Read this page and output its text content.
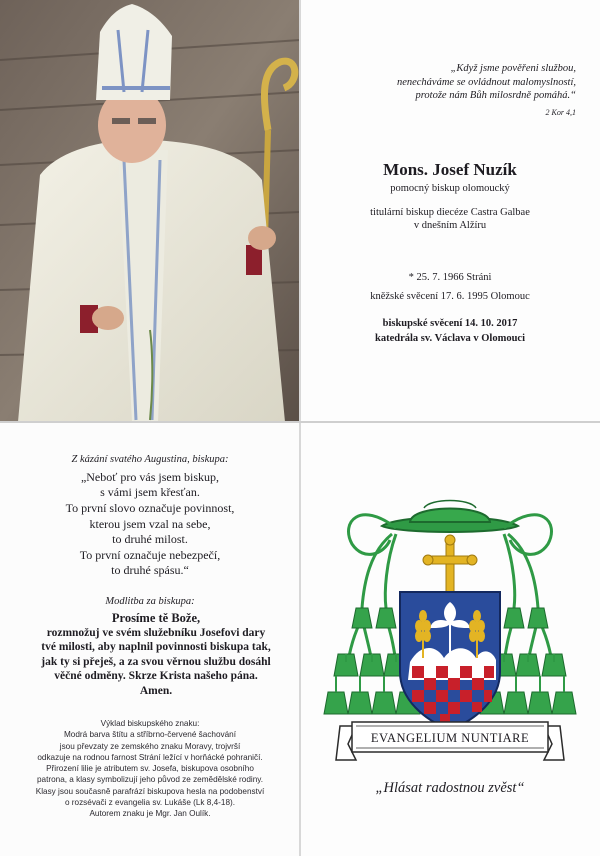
„Když jsme pověřeni službou,

nenecháváme se ovládnout malomyslností,

protože nám Bůh milosrdně pomáhá.“

2 Kor 4,1

Mons. Josef Nuzík

pomocný biskup olomoucký

titulární biskup diecéze Castra Galbae

v dnešním Alžíru

* 25. 7. 1966 Stráni

kněžské svěcení 17. 6. 1995 Olomouc

biskupské svěcení 14. 10. 2017

katedrála sv. Václava v Olomouci

Z kázání svatého Augustina, biskupa:

„Neboť pro vás jsem biskup,

s vámi jsem křesťan.

To první slovo označuje povinnost,

kterou jsem vzal na sebe,

to druhé milost.

To první označuje nebezpečí,

to druhé spásu.“

Modlitba za biskupa:

Prosíme tě Bože,
rozmnožuj ve svém služebníku Josefovi dary
tvé milosti, aby naplnil povinnosti biskupa tak,
jak ty si přeješ, a za svou věrnou službu dosáhl
věčné odměny. Skrze Krista našeho pána.
Amen.
Výklad biskupského znaku:
Modrá barva štítu a stříbrno-červené šachování
jsou převzaty ze zemského znaku Moravy, trojvrší
odkazuje na rodnou farnost Strání ležící v horňácké pohraničí.
Přirození lilie je atributem sv. Josefa, biskupova osobního
patrona, a klasy symbolizují jeho původ ze zemědělské rodiny.
Klasy jsou současně parafrází biskupova hesla na podobenství
o rozsévači z evangelia sv. Lukáše (Lk 8,4-18).
Autorem znaku je Mgr. Jan Oulík.
EVANGELIUM NUNTIARE

„Hlásat radostnou zvěst“
